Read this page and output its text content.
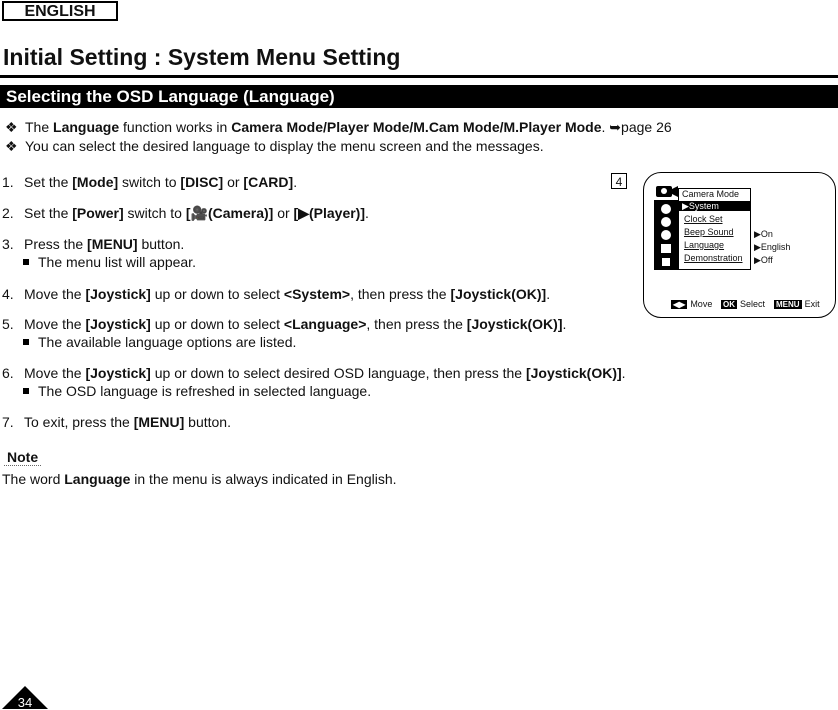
ENGLISH
Initial Setting : System Menu Setting
Selecting the OSD Language (Language)
❖ The Language function works in Camera Mode/Player Mode/M.Cam Mode/M.Player Mode. ➥page 26
❖ You can select the desired language to display the menu screen and the messages.
1. Set the [Mode] switch to [DISC] or [CARD].
2. Set the [Power] switch to [🎥(Camera)] or [▶(Player)].
3. Press the [MENU] button.
The menu list will appear.
4. Move the [Joystick] up or down to select <System>, then press the [Joystick(OK)].
5. Move the [Joystick] up or down to select <Language>, then press the [Joystick(OK)].
The available language options are listed.
6. Move the [Joystick] up or down to select desired OSD language, then press the [Joystick(OK)].
The OSD language is refreshed in selected language.
7. To exit, press the [MENU] button.
Note
The word Language in the menu is always indicated in English.
4
Camera Mode
▶System
Clock Set
Beep Sound
Language
Demonstration
▶On
▶English
▶Off
◀▶ Move OK Select MENU Exit
34
